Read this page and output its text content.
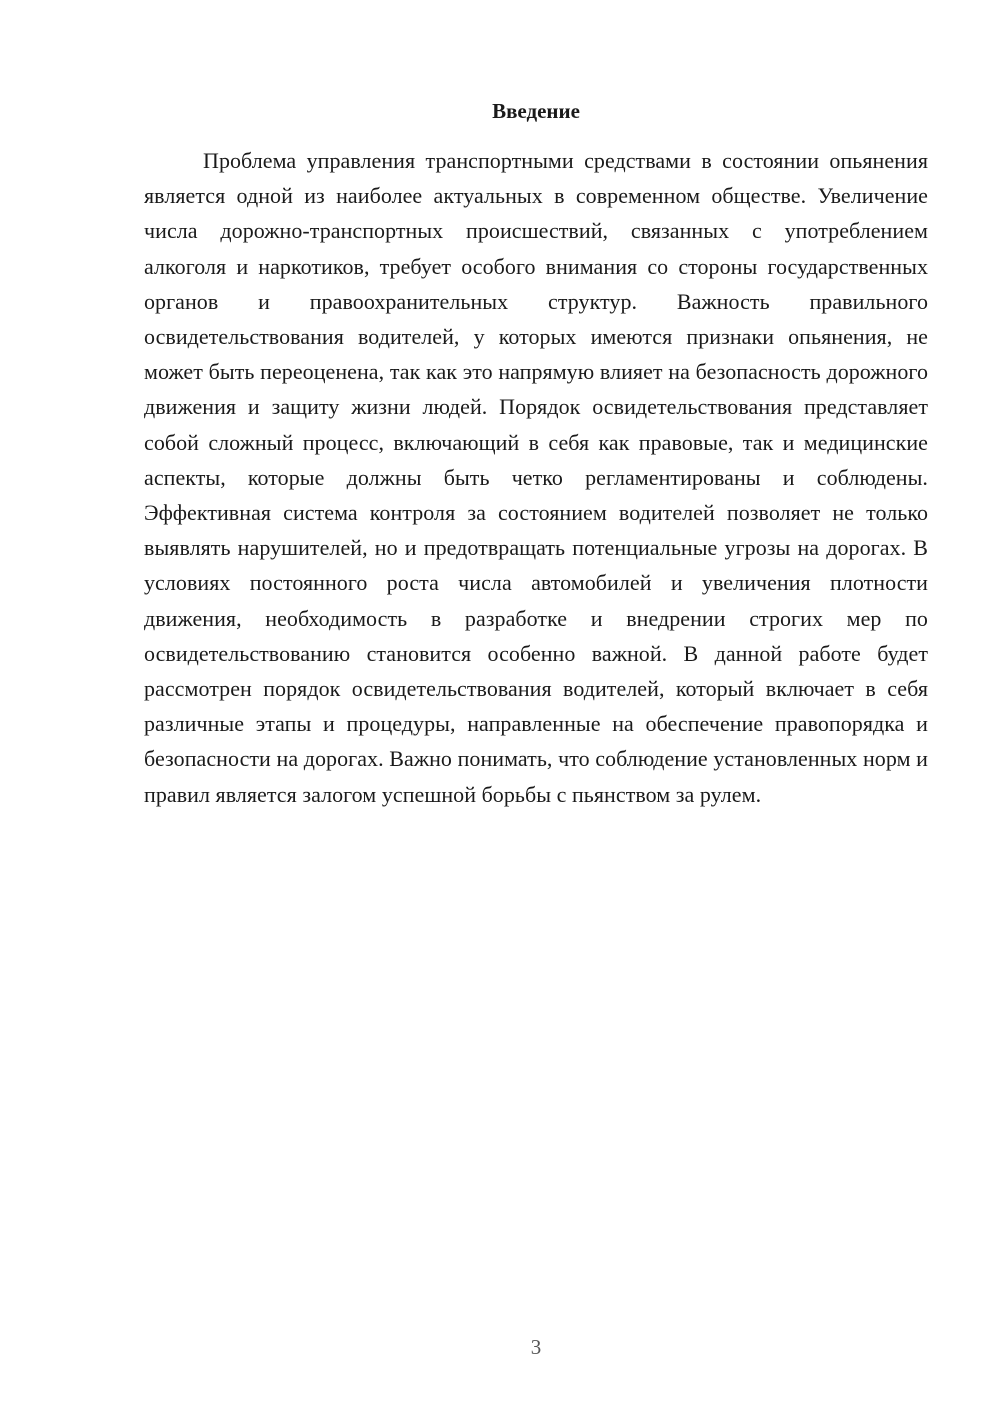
Введение

Проблема управления транспортными средствами в состоянии опьянения является одной из наиболее актуальных в современном обществе. Увеличение числа дорожно-транспортных происшествий, связанных с употреблением алкоголя и наркотиков, требует особого внимания со стороны государственных органов и правоохранительных структур. Важность правильного освидетельствования водителей, у которых имеются признаки опьянения, не может быть переоценена, так как это напрямую влияет на безопасность дорожного движения и защиту жизни людей. Порядок освидетельствования представляет собой сложный процесс, включающий в себя как правовые, так и медицинские аспекты, которые должны быть четко регламентированы и соблюдены. Эффективная система контроля за состоянием водителей позволяет не только выявлять нарушителей, но и предотвращать потенциальные угрозы на дорогах. В условиях постоянного роста числа автомобилей и увеличения плотности движения, необходимость в разработке и внедрении строгих мер по освидетельствованию становится особенно важной. В данной работе будет рассмотрен порядок освидетельствования водителей, который включает в себя различные этапы и процедуры, направленные на обеспечение правопорядка и безопасности на дорогах. Важно понимать, что соблюдение установленных норм и правил является залогом успешной борьбы с пьянством за рулем.

3
